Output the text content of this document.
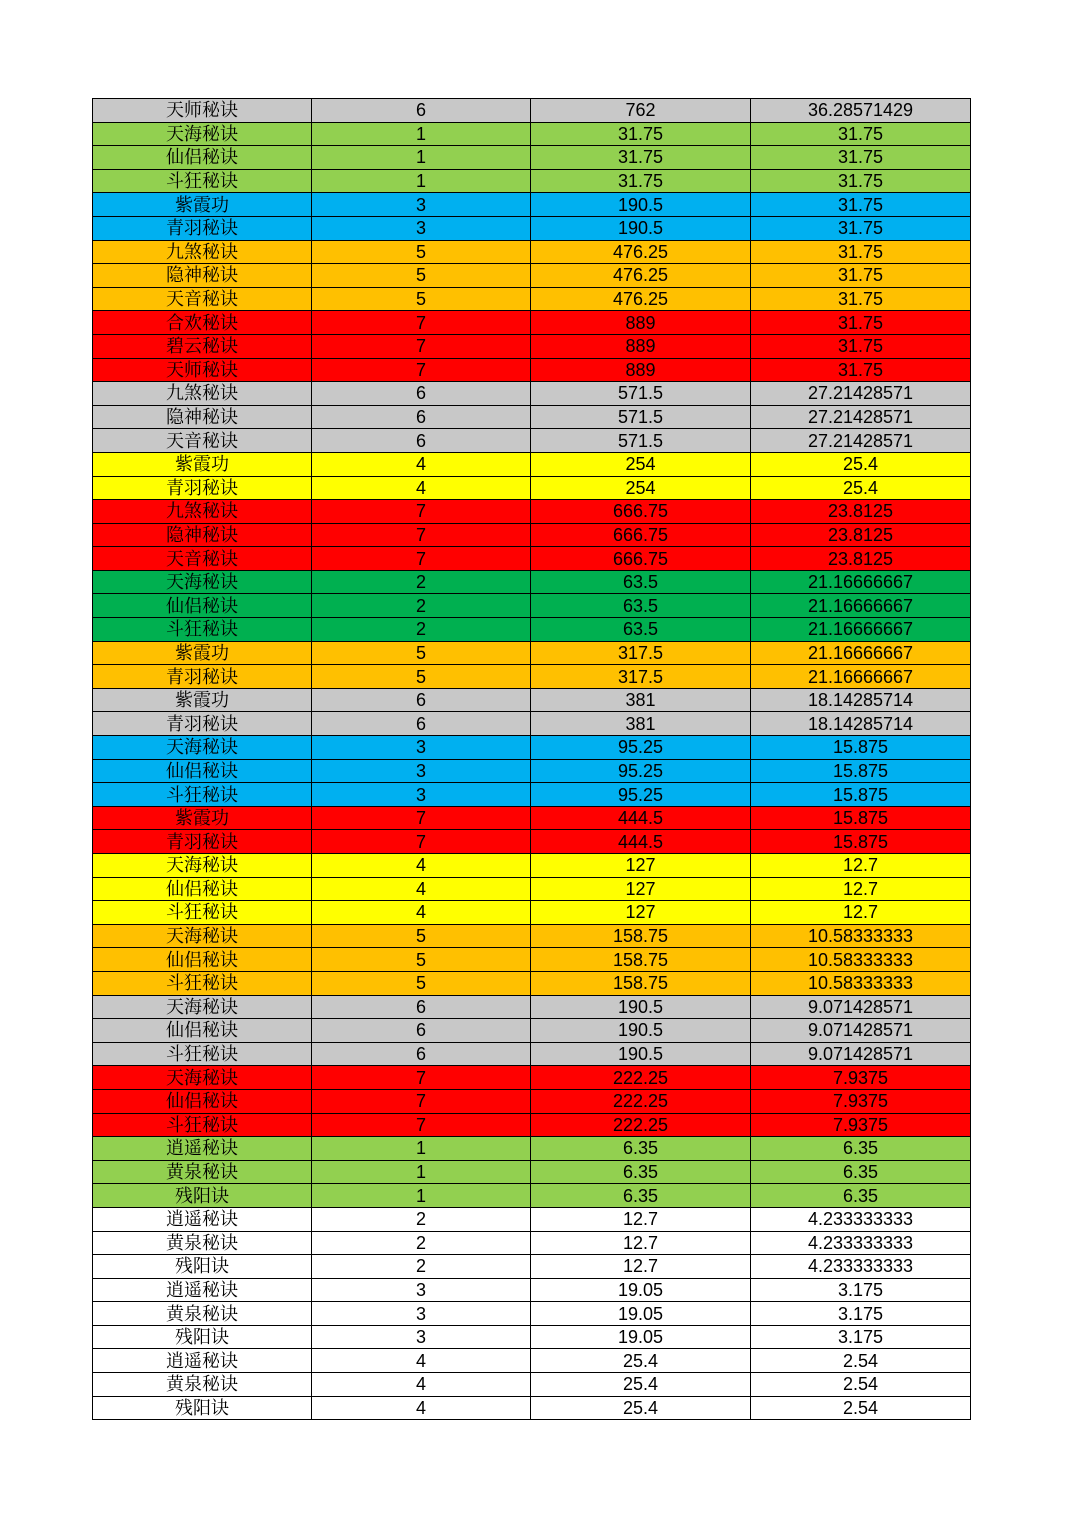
天师秘诀	6	762	36.28571429
天海秘诀	1	31.75	31.75
仙侣秘诀	1	31.75	31.75
斗狂秘诀	1	31.75	31.75
紫霞功	3	190.5	31.75
青羽秘诀	3	190.5	31.75
九煞秘诀	5	476.25	31.75
隐神秘诀	5	476.25	31.75
天音秘诀	5	476.25	31.75
合欢秘诀	7	889	31.75
碧云秘诀	7	889	31.75
天师秘诀	7	889	31.75
九煞秘诀	6	571.5	27.21428571
隐神秘诀	6	571.5	27.21428571
天音秘诀	6	571.5	27.21428571
紫霞功	4	254	25.4
青羽秘诀	4	254	25.4
九煞秘诀	7	666.75	23.8125
隐神秘诀	7	666.75	23.8125
天音秘诀	7	666.75	23.8125
天海秘诀	2	63.5	21.16666667
仙侣秘诀	2	63.5	21.16666667
斗狂秘诀	2	63.5	21.16666667
紫霞功	5	317.5	21.16666667
青羽秘诀	5	317.5	21.16666667
紫霞功	6	381	18.14285714
青羽秘诀	6	381	18.14285714
天海秘诀	3	95.25	15.875
仙侣秘诀	3	95.25	15.875
斗狂秘诀	3	95.25	15.875
紫霞功	7	444.5	15.875
青羽秘诀	7	444.5	15.875
天海秘诀	4	127	12.7
仙侣秘诀	4	127	12.7
斗狂秘诀	4	127	12.7
天海秘诀	5	158.75	10.58333333
仙侣秘诀	5	158.75	10.58333333
斗狂秘诀	5	158.75	10.58333333
天海秘诀	6	190.5	9.071428571
仙侣秘诀	6	190.5	9.071428571
斗狂秘诀	6	190.5	9.071428571
天海秘诀	7	222.25	7.9375
仙侣秘诀	7	222.25	7.9375
斗狂秘诀	7	222.25	7.9375
逍遥秘诀	1	6.35	6.35
黄泉秘诀	1	6.35	6.35
残阳诀	1	6.35	6.35
逍遥秘诀	2	12.7	4.233333333
黄泉秘诀	2	12.7	4.233333333
残阳诀	2	12.7	4.233333333
逍遥秘诀	3	19.05	3.175
黄泉秘诀	3	19.05	3.175
残阳诀	3	19.05	3.175
逍遥秘诀	4	25.4	2.54
黄泉秘诀	4	25.4	2.54
残阳诀	4	25.4	2.54
